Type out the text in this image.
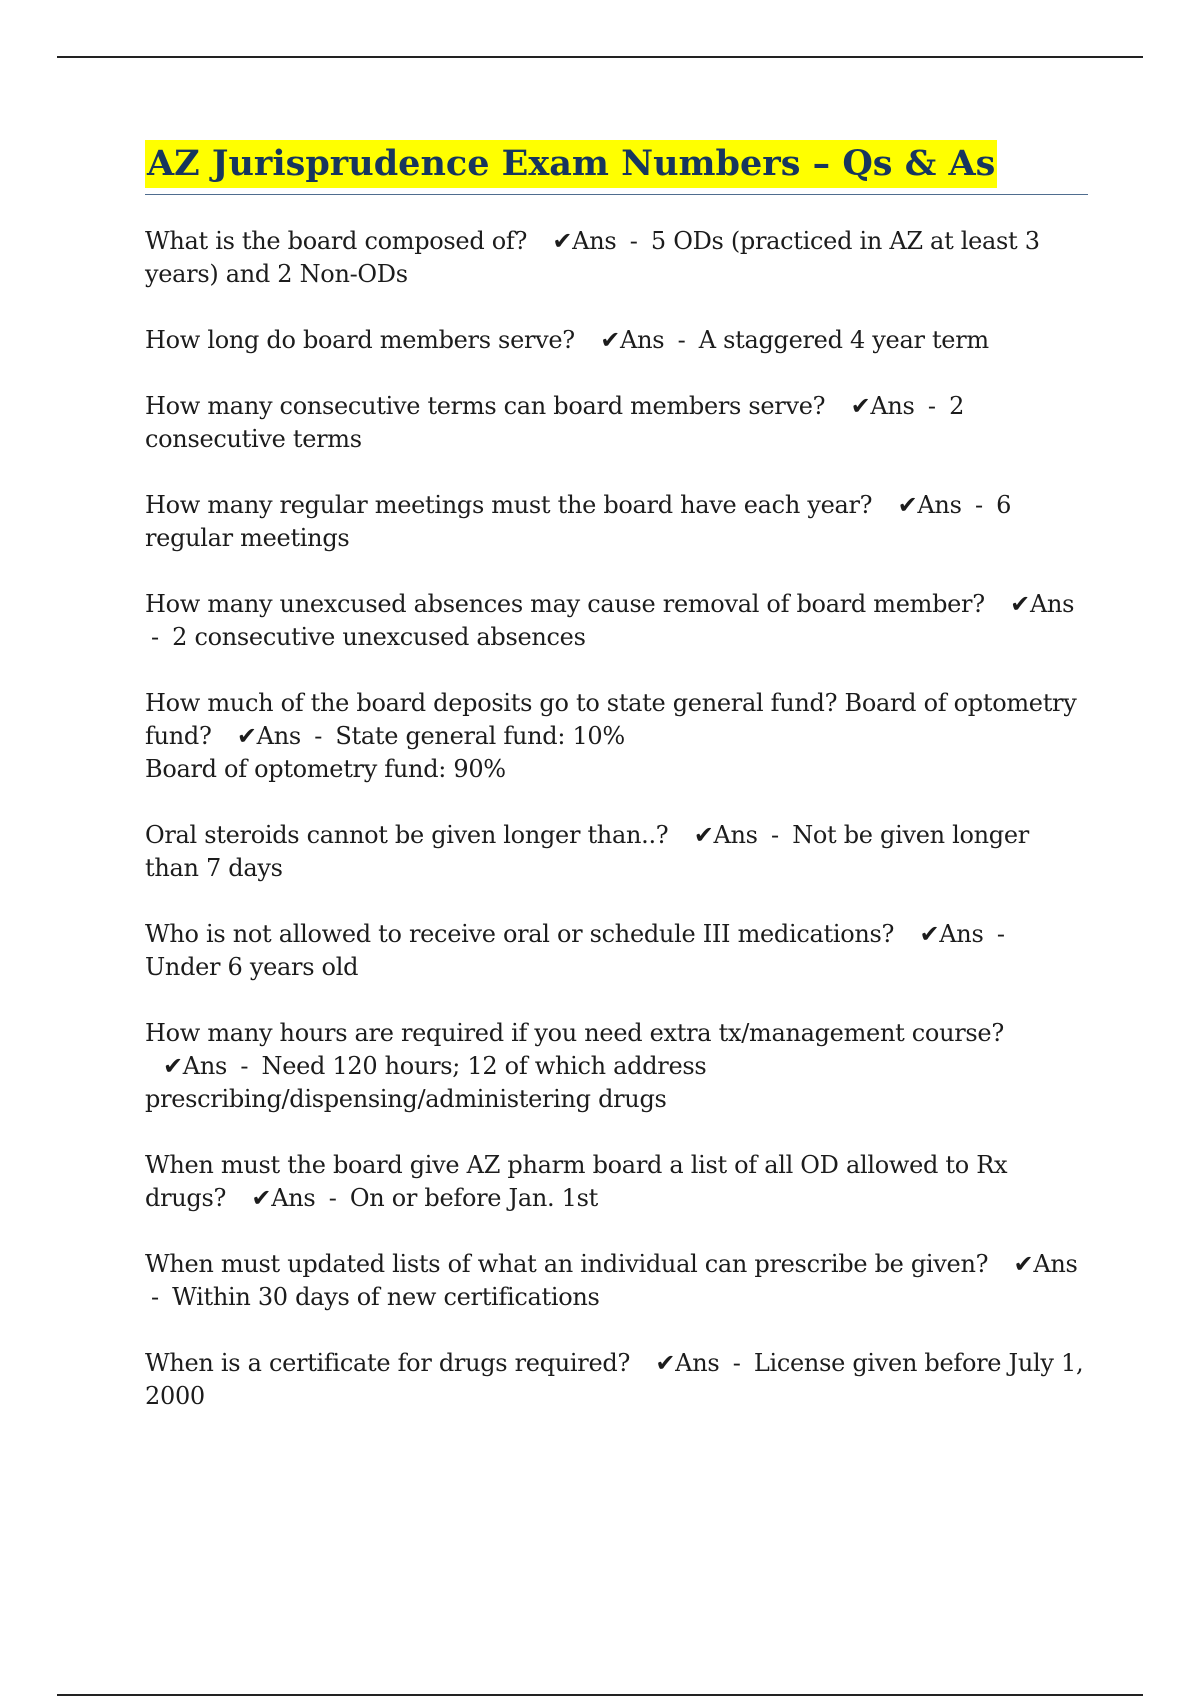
AZ Jurisprudence Exam Numbers – Qs & As
What is the board composed of? ✔Ans - 5 ODs (practiced in AZ at least 3 years) and 2 Non-ODs
How long do board members serve? ✔Ans - A staggered 4 year term
How many consecutive terms can board members serve? ✔Ans - 2 consecutive terms
How many regular meetings must the board have each year? ✔Ans - 6 regular meetings
How many unexcused absences may cause removal of board member? ✔Ans - 2 consecutive unexcused absences
How much of the board deposits go to state general fund? Board of optometry fund? ✔Ans - State general fund: 10%
Board of optometry fund: 90%
Oral steroids cannot be given longer than..? ✔Ans - Not be given longer than 7 days
Who is not allowed to receive oral or schedule III medications? ✔Ans - Under 6 years old
How many hours are required if you need extra tx/management course? ✔Ans - Need 120 hours; 12 of which address prescribing/dispensing/administering drugs
When must the board give AZ pharm board a list of all OD allowed to Rx drugs? ✔Ans - On or before Jan. 1st
When must updated lists of what an individual can prescribe be given? ✔Ans - Within 30 days of new certifications
When is a certificate for drugs required? ✔Ans - License given before July 1, 2000
